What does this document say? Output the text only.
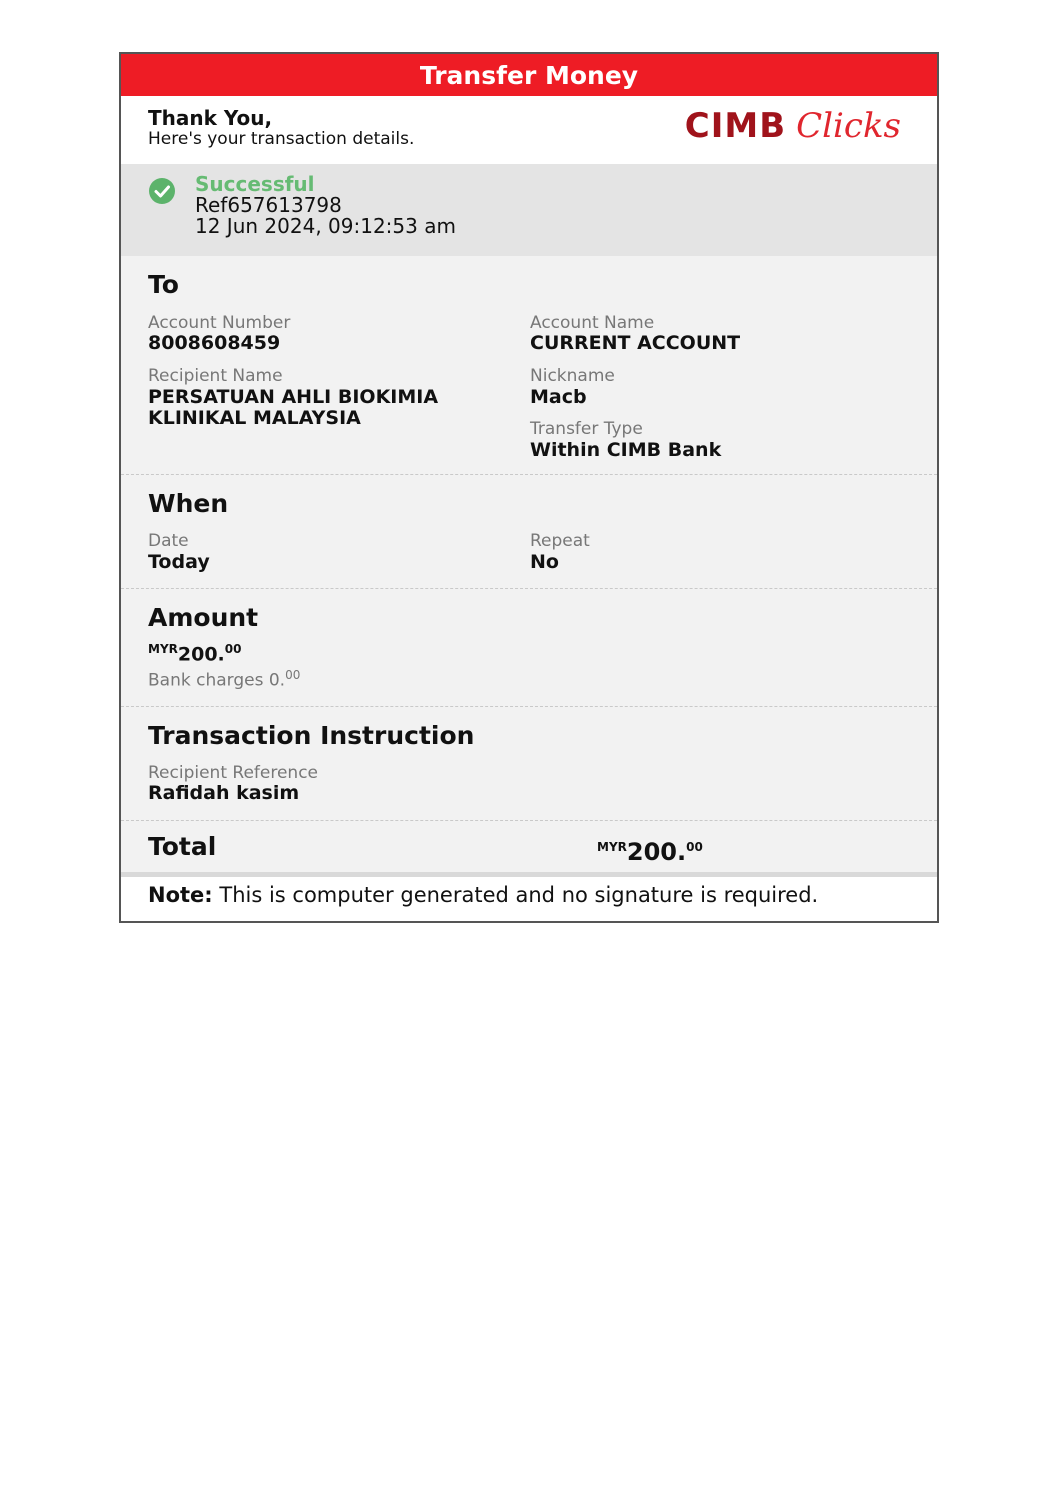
Transfer Money
Thank You,
Here's your transaction details.	CIMB Clicks
Successful
Ref657613798
12 Jun 2024, 09:12:53 am
To
Account Number
8008608459
Account Name
CURRENT ACCOUNT
Recipient Name
PERSATUAN AHLI BIOKIMIA
KLINIKAL MALAYSIA
Nickname
Macb
Transfer Type
Within CIMB Bank
When
Date
Today
Repeat
No
Amount
$^{MYR}$200.00
Bank charges 0.00
Transaction Instruction
Recipient Reference
Rafidah kasim
Total	$^{MYR}$200.00
Note: This is computer generated and no signature is required.
